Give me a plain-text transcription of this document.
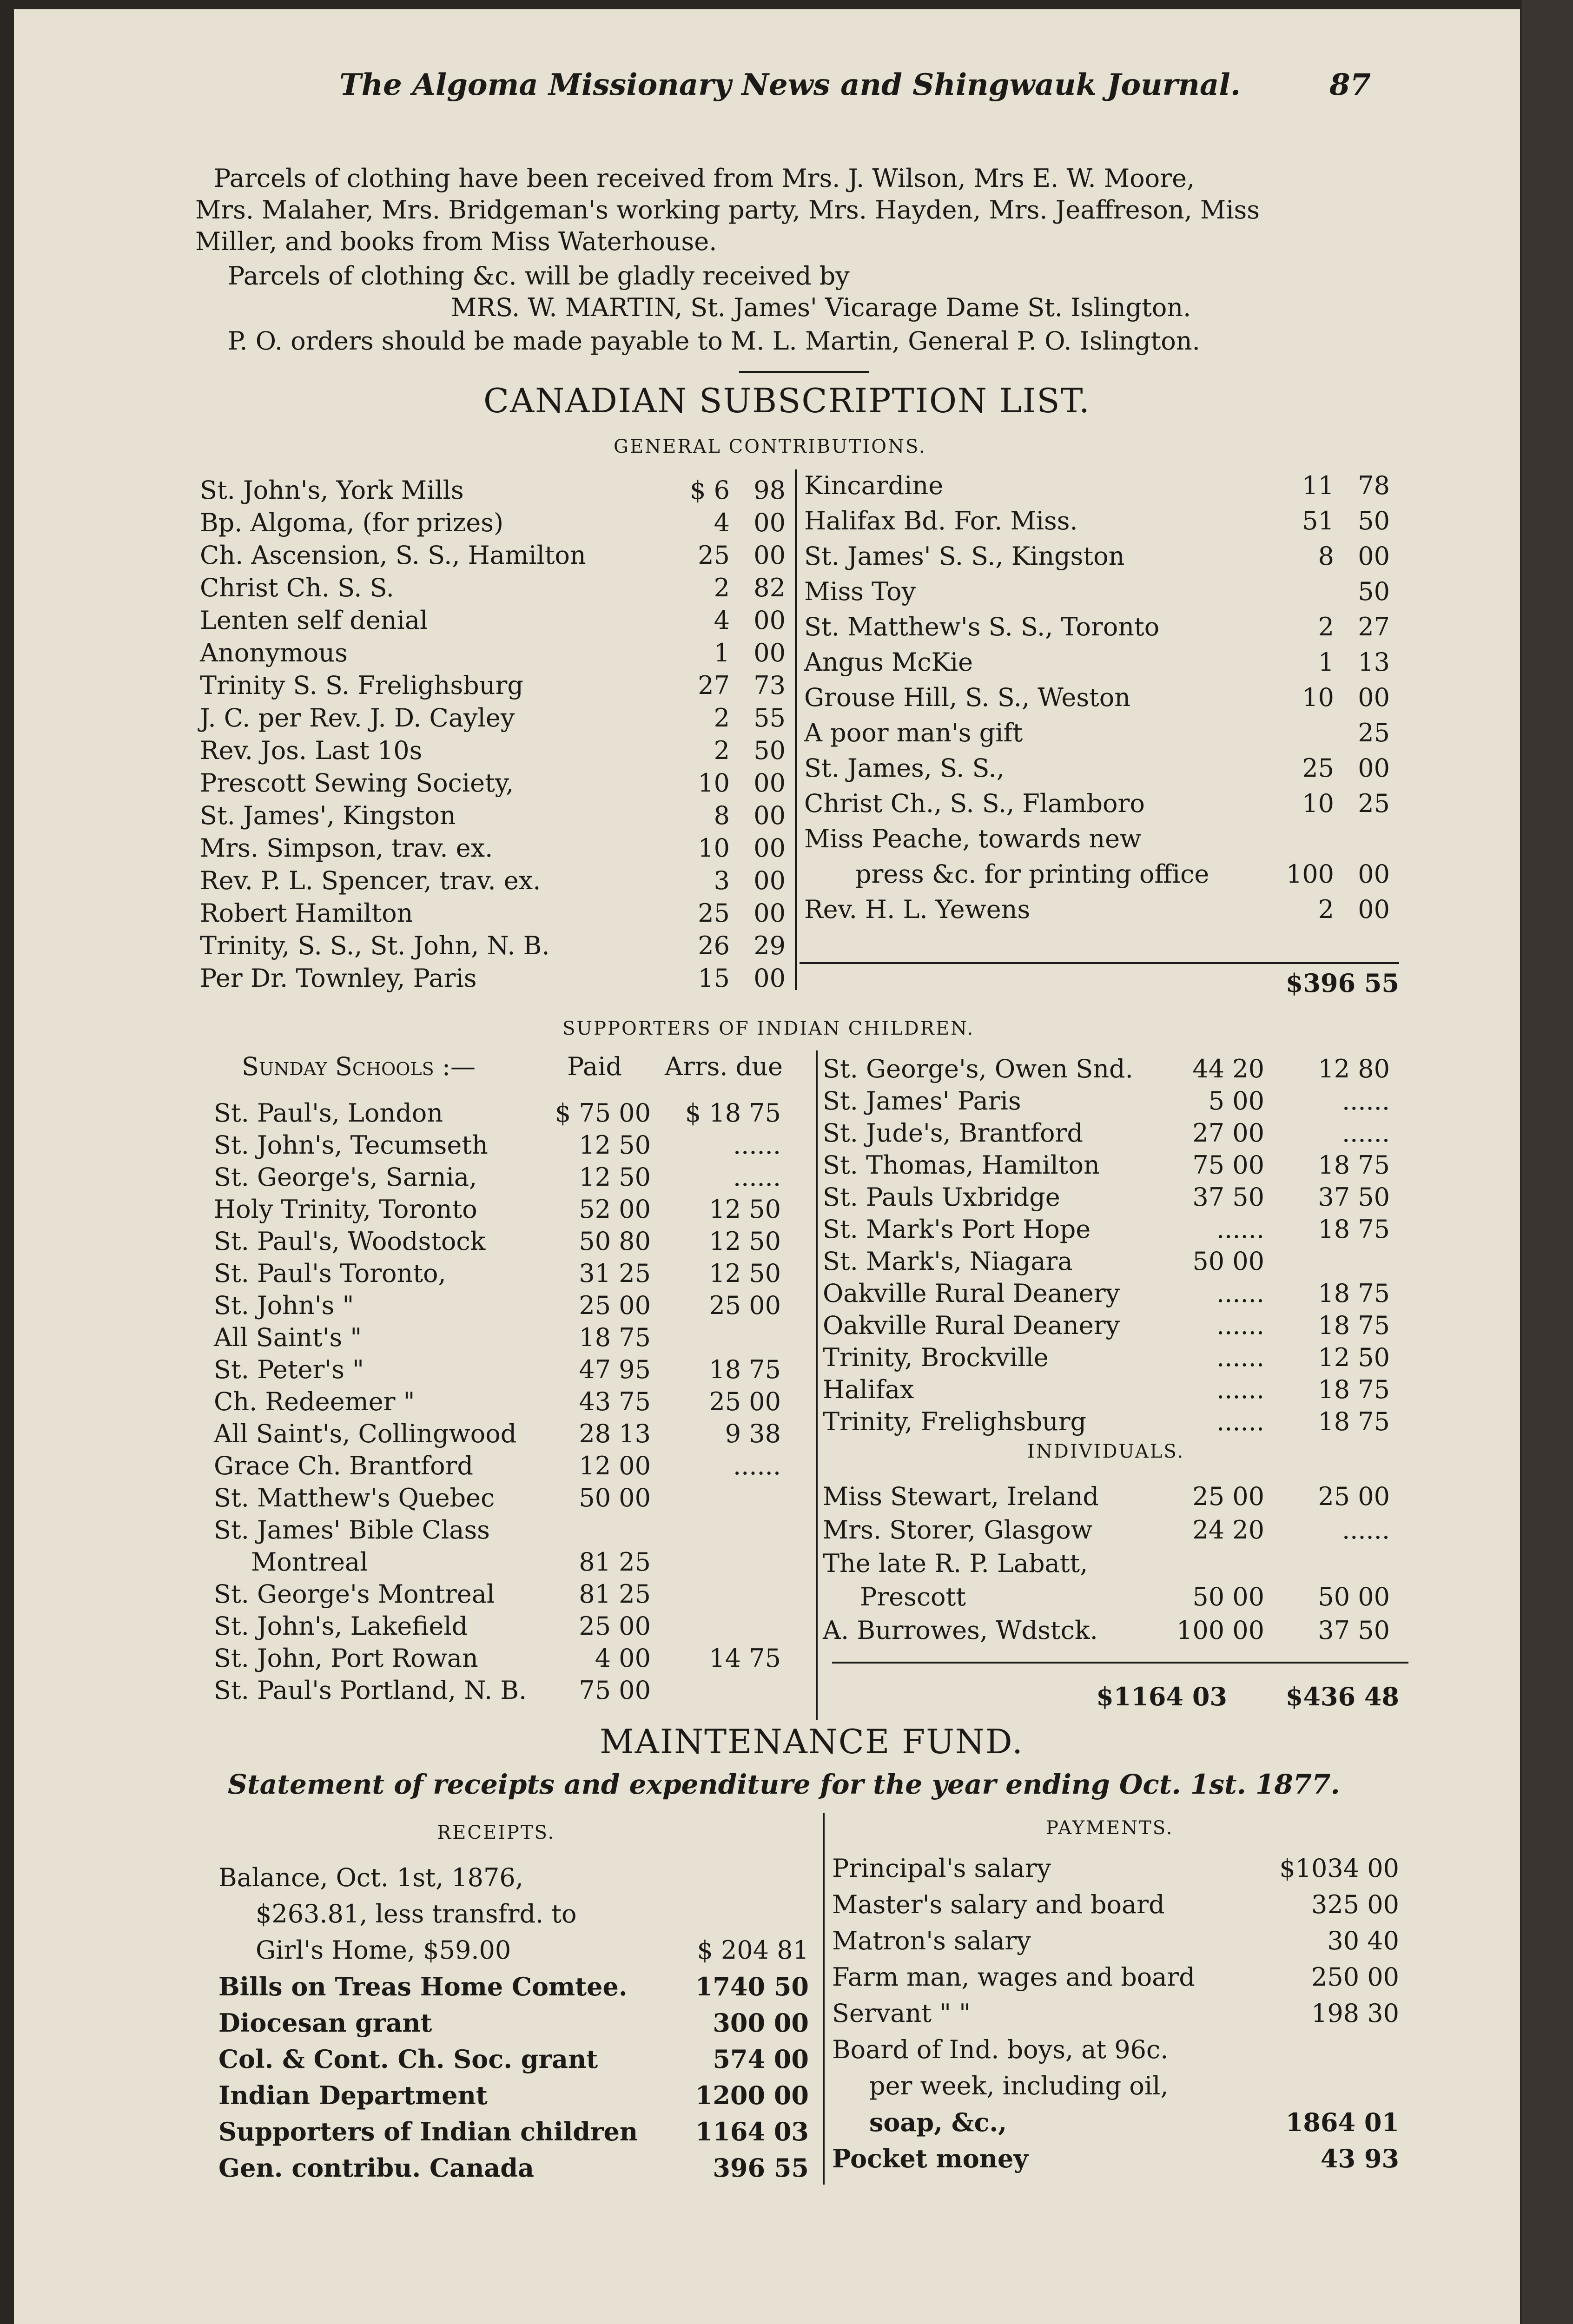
The Algoma Missionary News and Shingwauk Journal.	87
Parcels of clothing have been received from Mrs. J. Wilson, Mrs E. W. Moore,
Mrs. Malaher, Mrs. Bridgeman's working party, Mrs. Hayden, Mrs. Jeaffreson, Miss
Miller, and books from Miss Waterhouse.
Parcels of clothing &c. will be gladly received by
MRS. W. MARTIN, St. James' Vicarage Dame St. Islington.
P. O. orders should be made payable to M. L. Martin, General P. O. Islington.
CANADIAN SUBSCRIPTION LIST.
GENERAL CONTRIBUTIONS.
St. John's, York Mills	$ 6 98
Bp. Algoma, (for prizes)	4 00
Ch. Ascension, S. S., Hamilton	25 00
Christ Ch. S. S.	2 82
Lenten self denial	4 00
Anonymous	1 00
Trinity S. S. Frelighsburg	27 73
J. C. per Rev. J. D. Cayley	2 55
Rev. Jos. Last 10s	2 50
Prescott Sewing Society,	10 00
St. James', Kingston	8 00
Mrs. Simpson, trav. ex.	10 00
Rev. P. L. Spencer, trav. ex.	3 00
Robert Hamilton	25 00
Trinity, S. S., St. John, N. B.	26 29
Per Dr. Townley, Paris	15 00
Kincardine	11 78
Halifax Bd. For. Miss.	51 50
St. James' S. S., Kingston	8 00
Miss Toy	50
St. Matthew's S. S., Toronto	2 27
Angus McKie	1 13
Grouse Hill, S. S., Weston	10 00
A poor man's gift	25
St. James, S. S.,	25 00
Christ Ch., S. S., Flamboro	10 25
Miss Peache, towards new
press &c. for printing office	100 00
Rev. H. L. Yewens	2 00
$396 55
SUPPORTERS OF INDIAN CHILDREN.
Sunday Schools :—	Paid Arrs. due
St. Paul's, London	$ 75 00	$ 18 75
St. John's, Tecumseth	12 50	......
St. George's, Sarnia,	12 50	......
Holy Trinity, Toronto	52 00	12 50
St. Paul's, Woodstock	50 80	12 50
St. Paul's Toronto,	31 25	12 50
St. John's "	25 00	25 00
All Saint's "	18 75
St. Peter's "	47 95	18 75
Ch. Redeemer "	43 75	25 00
All Saint's, Collingwood	28 13	9 38
Grace Ch. Brantford	12 00	......
St. Matthew's Quebec	50 00
St. James' Bible Class
Montreal	81 25
St. George's Montreal	81 25
St. John's, Lakefield	25 00
St. John, Port Rowan	4 00	14 75
St. Paul's Portland, N. B.	75 00
St. George's, Owen Snd.	44 20	12 80
St. James' Paris	5 00	......
St. Jude's, Brantford	27 00	......
St. Thomas, Hamilton	75 00	18 75
St. Pauls Uxbridge	37 50	37 50
St. Mark's Port Hope	......	18 75
St. Mark's, Niagara	50 00
Oakville Rural Deanery	......	18 75
Oakville Rural Deanery	......	18 75
Trinity, Brockville	......	12 50
Halifax	......	18 75
Trinity, Frelighsburg	......	18 75
INDIVIDUALS.
Miss Stewart, Ireland	25 00	25 00
Mrs. Storer, Glasgow	24 20	......
The late R. P. Labatt,
Prescott	50 00	50 00
A. Burrowes, Wdstck.	100 00	37 50
$1164 03	$436 48
MAINTENANCE FUND.
Statement of receipts and expenditure for the year ending Oct. 1st. 1877.
RECEIPTS.	PAYMENTS.
Balance, Oct. 1st, 1876,
$263.81, less transfrd. to
Girl's Home, $59.00	$ 204 81
Bills on Treas Home Comtee.	1740 50
Diocesan grant	300 00
Col. & Cont. Ch. Soc. grant	574 00
Indian Department	1200 00
Supporters of Indian children	1164 03
Gen. contribu. Canada	396 55
Principal's salary	$1034 00
Master's salary and board	325 00
Matron's salary	30 40
Farm man, wages and board	250 00
Servant " "	198 30
Board of Ind. boys, at 96c.
per week, including oil,
soap, &c.,	1864 01
Pocket money	43 93
